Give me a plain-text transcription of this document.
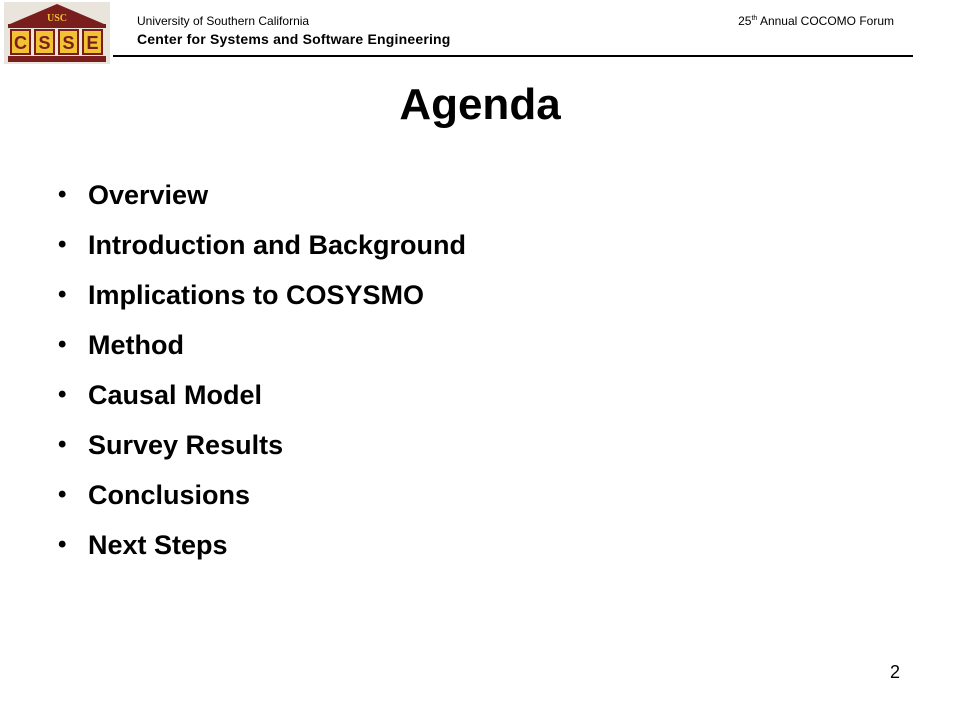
USC
C S S E
University of Southern California
Center for Systems and Software Engineering
25th Annual COCOMO Forum
Agenda
• Overview
• Introduction and Background
• Implications to COSYSMO
• Method
• Causal Model
• Survey Results
• Conclusions
• Next Steps
2
